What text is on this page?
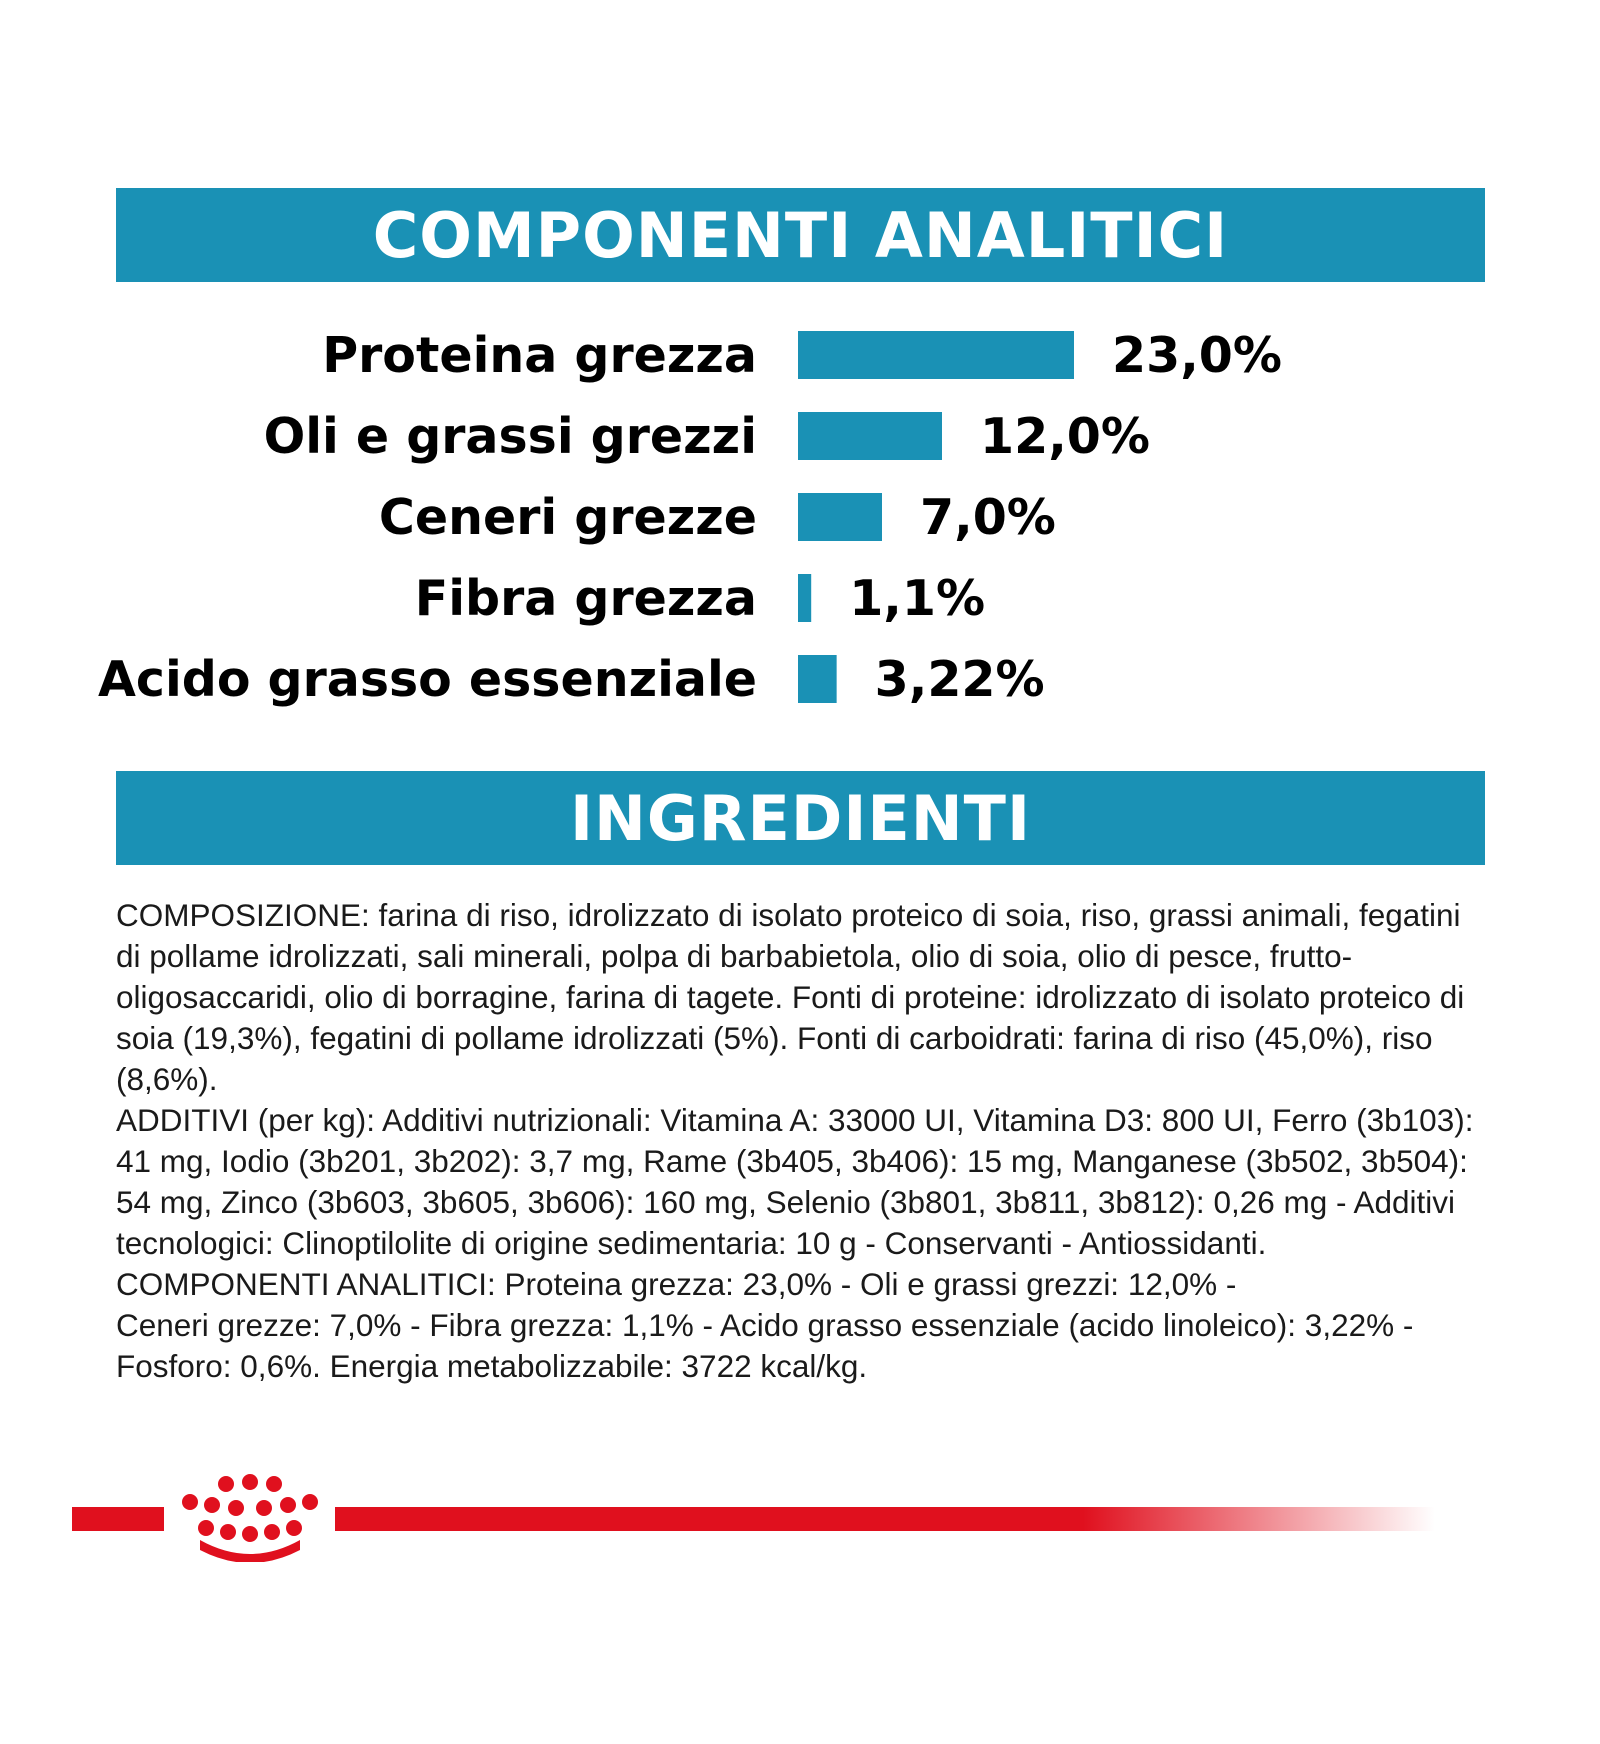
COMPONENTI ANALITICI
Proteina grezza	23,0%
Oli e grassi grezzi	12,0%
Ceneri grezze	7,0%
Fibra grezza 1,1%
Acido grasso essenziale 3,22%
INGREDIENTI

COMPOSIZIONE: farina di riso, idrolizzato di isolato proteico di soia, riso, grassi animali, fegatini di pollame idrolizzati, sali minerali, polpa di barbabietola, olio di soia, olio di pesce, frutto-oligosaccaridi, olio di borragine, farina di tagete. Fonti di proteine: idrolizzato di isolato proteico di soia (19,3%), fegatini di pollame idrolizzati (5%). Fonti di carboidrati: farina di riso (45,0%), riso (8,6%).

ADDITIVI (per kg): Additivi nutrizionali: Vitamina A: 33000 UI, Vitamina D3: 800 UI, Ferro (3b103): 41 mg, Iodio (3b201, 3b202): 3,7 mg, Rame (3b405, 3b406): 15 mg, Manganese (3b502, 3b504): 54 mg, Zinco (3b603, 3b605, 3b606): 160 mg, Selenio (3b801, 3b811, 3b812): 0,26 mg - Additivi tecnologici: Clinoptilolite di origine sedimentaria: 10 g - Conservanti - Antiossidanti.

COMPONENTI ANALITICI: Proteina grezza: 23,0% - Oli e grassi grezzi: 12,0% -

Ceneri grezze: 7,0% - Fibra grezza: 1,1% - Acido grasso essenziale (acido linoleico): 3,22% -

Fosforo: 0,6%. Energia metabolizzabile: 3722 kcal/kg.
